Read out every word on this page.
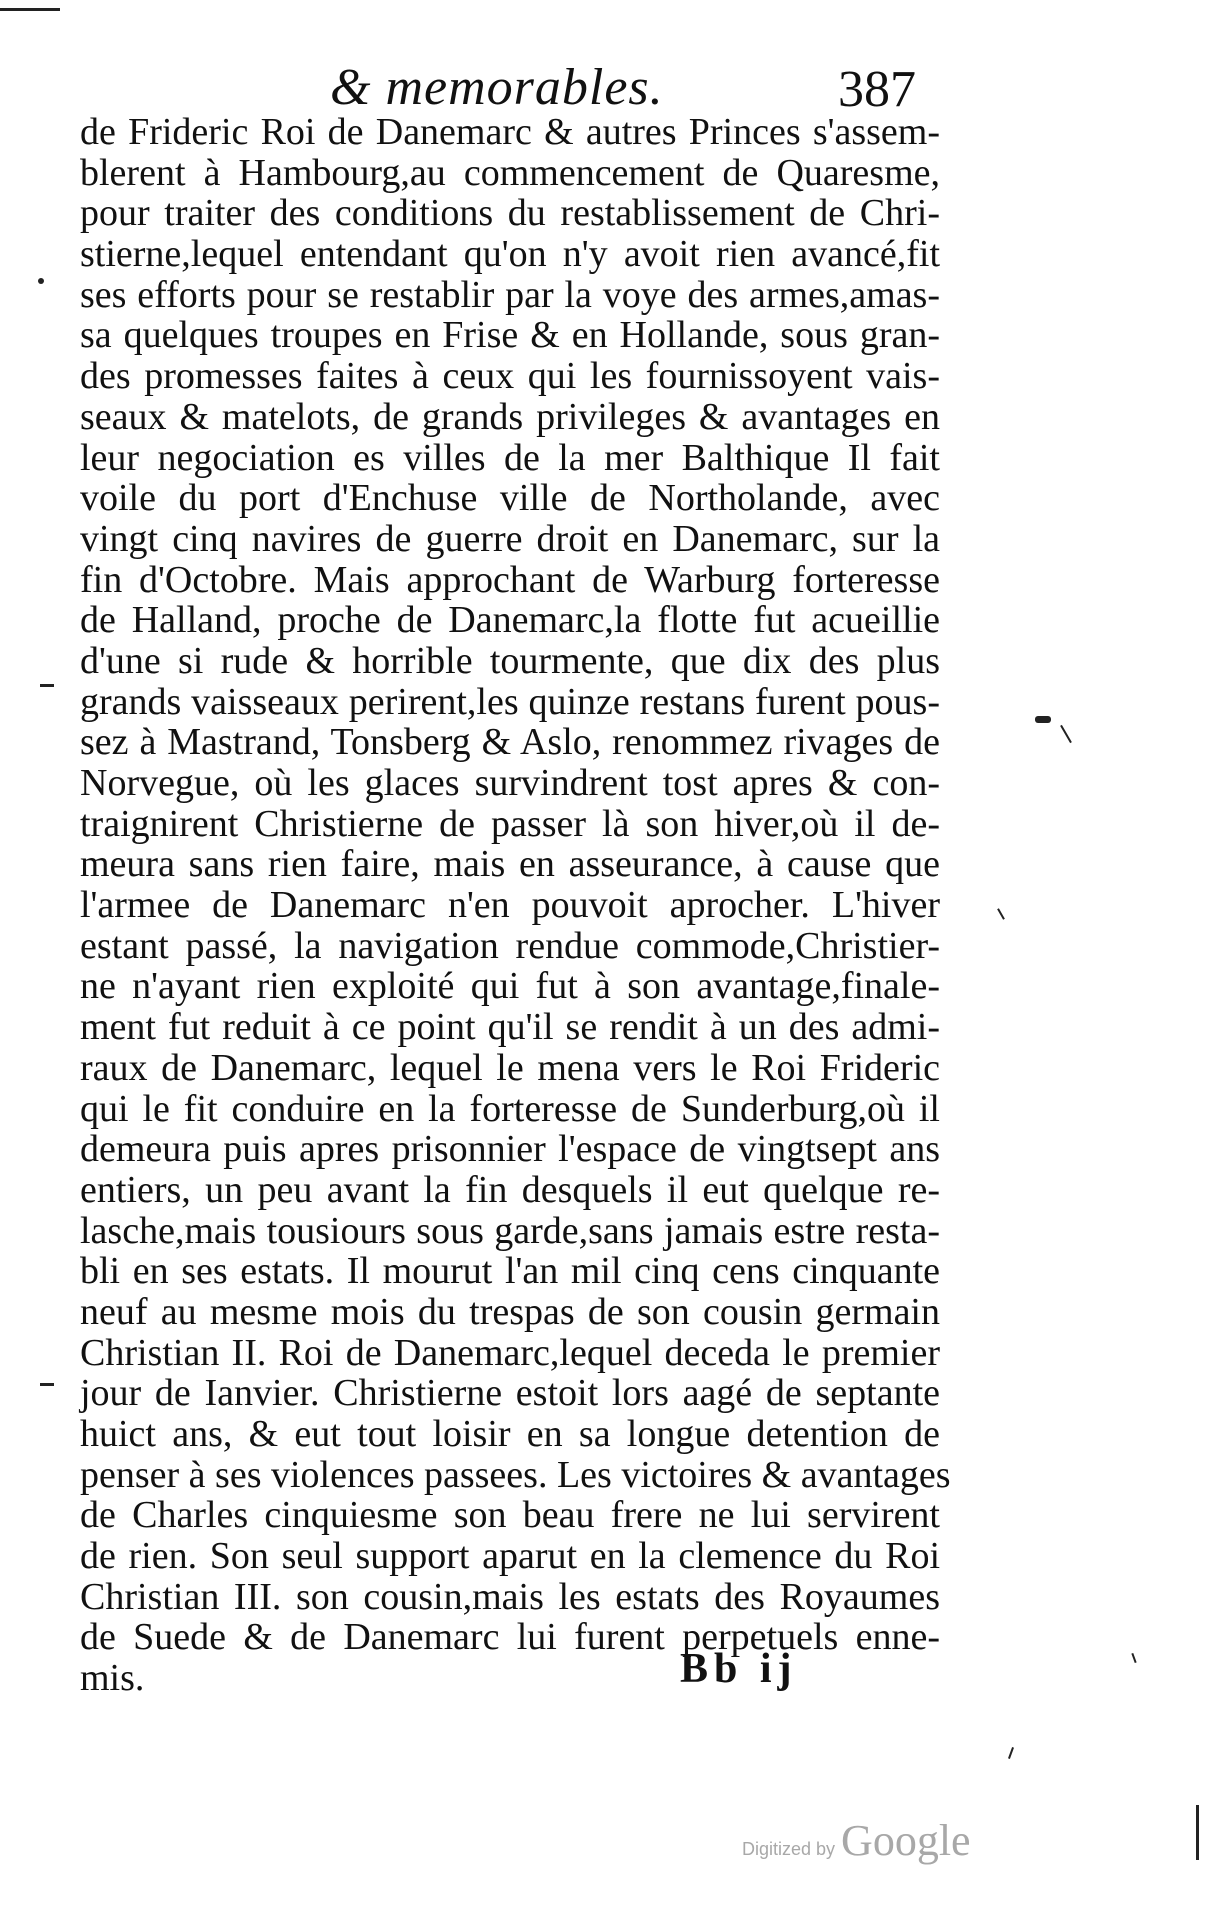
& memorables.	387
de Frideric Roi de Danemarc & autres Princes s'assem-
blerent à Hambourg,au commencement de Quaresme,
pour traiter des conditions du restablissement de Chri-
stierne,lequel entendant qu'on n'y avoit rien avancé,fit
ses efforts pour se restablir par la voye des armes,amas-
sa quelques troupes en Frise & en Hollande, sous gran-
des promesses faites à ceux qui les fournissoyent vais-
seaux & matelots, de grands privileges & avantages en
leur negociation es villes de la mer Balthique Il fait
voile du port d'Enchuse ville de Northolande, avec
vingt cinq navires de guerre droit en Danemarc, sur la
fin d'Octobre. Mais approchant de Warburg forteresse
de Halland, proche de Danemarc,la flotte fut acueillie
d'une si rude & horrible tourmente, que dix des plus
grands vaisseaux perirent,les quinze restans furent pous-
sez à Mastrand, Tonsberg & Aslo, renommez rivages de
Norvegue, où les glaces survindrent tost apres & con-
traignirent Christierne de passer là son hiver,où il de-
meura sans rien faire, mais en asseurance, à cause que
l'armee de Danemarc n'en pouvoit aprocher. L'hiver
estant passé, la navigation rendue commode,Christier-
ne n'ayant rien exploité qui fut à son avantage,finale-
ment fut reduit à ce point qu'il se rendit à un des admi-
raux de Danemarc, lequel le mena vers le Roi Frideric
qui le fit conduire en la forteresse de Sunderburg,où il
demeura puis apres prisonnier l'espace de vingtsept ans
entiers, un peu avant la fin desquels il eut quelque re-
lasche,mais tousiours sous garde,sans jamais estre resta-
bli en ses estats. Il mourut l'an mil cinq cens cinquante
neuf au mesme mois du trespas de son cousin germain
Christian II. Roi de Danemarc,lequel deceda le premier
jour de Ianvier. Christierne estoit lors aagé de septante
huict ans, & eut tout loisir en sa longue detention de
penser à ses violences passees. Les victoires & avantages
de Charles cinquiesme son beau frere ne lui servirent
de rien. Son seul support aparut en la clemence du Roi
Christian III. son cousin,mais les estats des Royaumes
de Suede & de Danemarc lui furent perpetuels enne-
mis.	Bb ij
Digitized by Google
